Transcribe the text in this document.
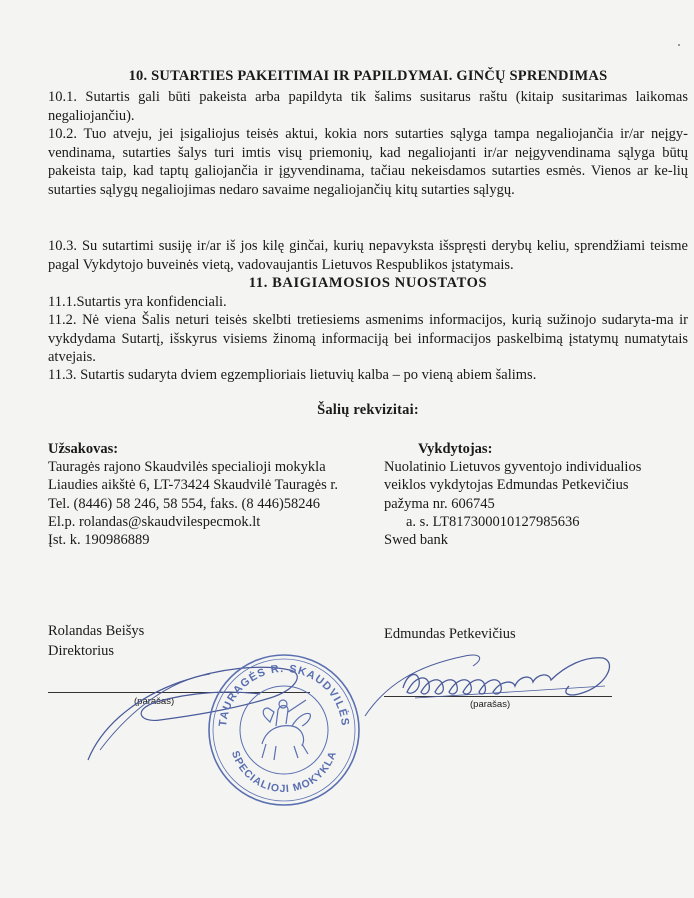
10. SUTARTIES PAKEITIMAI IR PAPILDYMAI. GINČŲ SPRENDIMAS
10.1. Sutartis gali būti pakeista arba papildyta tik šalims susitarus raštu (kitaip susitarimas laikomas negaliojančiu).
10.2. Tuo atveju, jei įsigaliojus teisės aktui, kokia nors sutarties sąlyga tampa negaliojančia ir/ar neįgy-vendinama, sutarties šalys turi imtis visų priemonių, kad negaliojanti ir/ar neįgyvendinama sąlyga būtų pakeista taip, kad taptų galiojančia ir įgyvendinama, tačiau nekeisdamos sutarties esmės. Vienos ar ke-lių sutarties sąlygų negaliojimas nedaro savaime negaliojančių kitų sutarties sąlygų.
10.3. Su sutartimi susiję ir/ar iš jos kilę ginčai, kurių nepavyksta išspręsti derybų keliu, sprendžiami teisme pagal Vykdytojo buveinės vietą, vadovaujantis Lietuvos Respublikos įstatymais.
11. BAIGIAMOSIOS NUOSTATOS
11.1.Sutartis yra konfidenciali.
11.2. Nė viena Šalis neturi teisės skelbti tretiesiems asmenims informacijos, kurią sužinojo sudaryta-ma ir vykdydama Sutartį, išskyrus visiems žinomą informaciją bei informacijos paskelbimą įstatymų numatytais atvejais.
11.3. Sutartis sudaryta dviem egzemplioriais lietuvių kalba – po vieną abiem šalims.
Šalių rekvizitai:
Užsakovas:
Tauragės rajono Skaudvilės specialioji mokykla
Liaudies aikštė 6, LT-73424 Skaudvilė Tauragės r.
Tel. (8446) 58 246, 58 554, faks. (8 446)58246
El.p. rolandas@skaudvilespecmok.lt
Įst. k. 190986889
Vykdytojas:
Nuolatinio Lietuvos gyventojo individualios
veiklos vykdytojas Edmundas Petkevičius
pažyma nr. 606745
a. s. LT817300010127985636
Swed bank
Rolandas Beišys
Direktorius
Edmundas Petkevičius
(parašas)	(parašas)
TAURAGĖS R. SKAUDVILĖS
SPECIALIOJI MOKYKLA
